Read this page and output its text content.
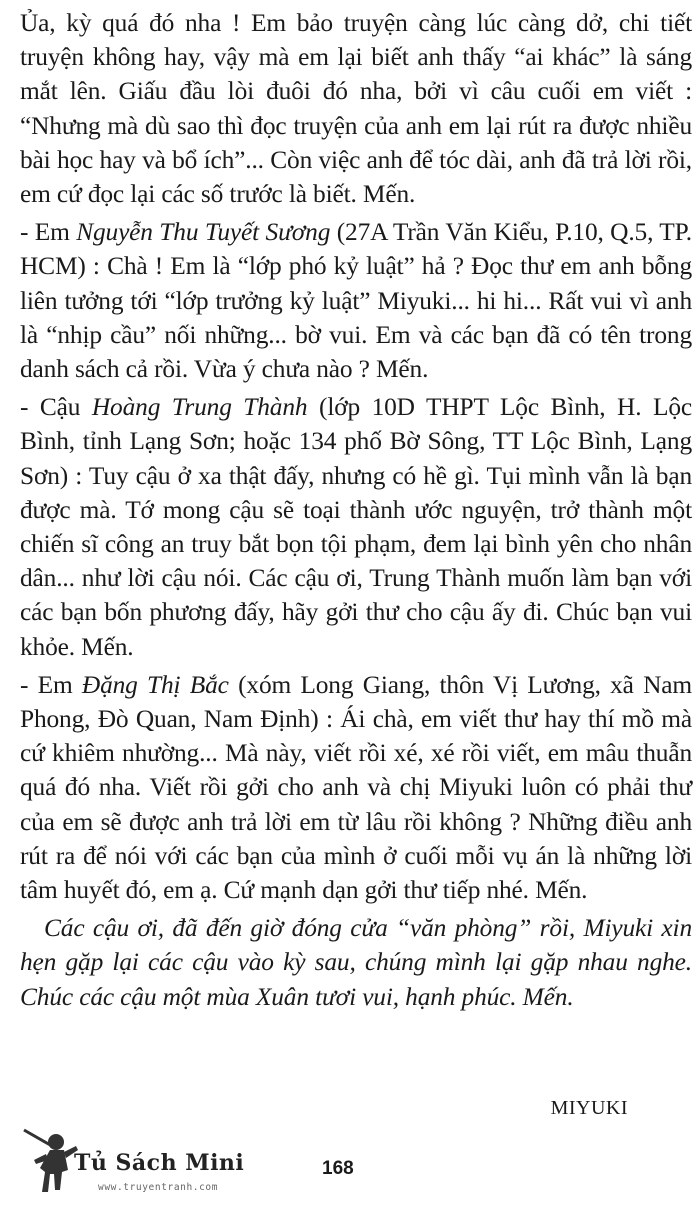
Ủa, kỳ quá đó nha ! Em bảo truyện càng lúc càng dở, chi tiết truyện không hay, vậy mà em lại biết anh thấy “ai khác” là sáng mắt lên. Giấu đầu lòi đuôi đó nha, bởi vì câu cuối em viết : “Nhưng mà dù sao thì đọc truyện của anh em lại rút ra được nhiều bài học hay và bổ ích”... Còn việc anh để tóc dài, anh đã trả lời rồi, em cứ đọc lại các số trước là biết. Mến.

- Em Nguyễn Thu Tuyết Sương (27A Trần Văn Kiểu, P.10, Q.5, TP. HCM) : Chà ! Em là “lớp phó kỷ luật” hả ? Đọc thư em anh bỗng liên tưởng tới “lớp trưởng kỷ luật” Miyuki... hi hi... Rất vui vì anh là “nhịp cầu” nối những... bờ vui. Em và các bạn đã có tên trong danh sách cả rồi. Vừa ý chưa nào ? Mến.

- Cậu Hoàng Trung Thành (lớp 10D THPT Lộc Bình, H. Lộc Bình, tỉnh Lạng Sơn; hoặc 134 phố Bờ Sông, TT Lộc Bình, Lạng Sơn) : Tuy cậu ở xa thật đấy, nhưng có hề gì. Tụi mình vẫn là bạn được mà. Tớ mong cậu sẽ toại thành ước nguyện, trở thành một chiến sĩ công an truy bắt bọn tội phạm, đem lại bình yên cho nhân dân... như lời cậu nói. Các cậu ơi, Trung Thành muốn làm bạn với các bạn bốn phương đấy, hãy gởi thư cho cậu ấy đi. Chúc bạn vui khỏe. Mến.

- Em Đặng Thị Bắc (xóm Long Giang, thôn Vị Lương, xã Nam Phong, Đò Quan, Nam Định) : Ái chà, em viết thư hay thí mồ mà cứ khiêm nhường... Mà này, viết rồi xé, xé rồi viết, em mâu thuẫn quá đó nha. Viết rồi gởi cho anh và chị Miyuki luôn có phải thư của em sẽ được anh trả lời em từ lâu rồi không ? Những điều anh rút ra để nói với các bạn của mình ở cuối mỗi vụ án là những lời tâm huyết đó, em ạ. Cứ mạnh dạn gởi thư tiếp nhé. Mến.

Các cậu ơi, đã đến giờ đóng cửa “văn phòng” rồi, Miyuki xin hẹn gặp lại các cậu vào kỳ sau, chúng mình lại gặp nhau nghe. Chúc các cậu một mùa Xuân tươi vui, hạnh phúc. Mến.

MIYUKI
Tủ Sách Mini
www.truyentranh.com
168
